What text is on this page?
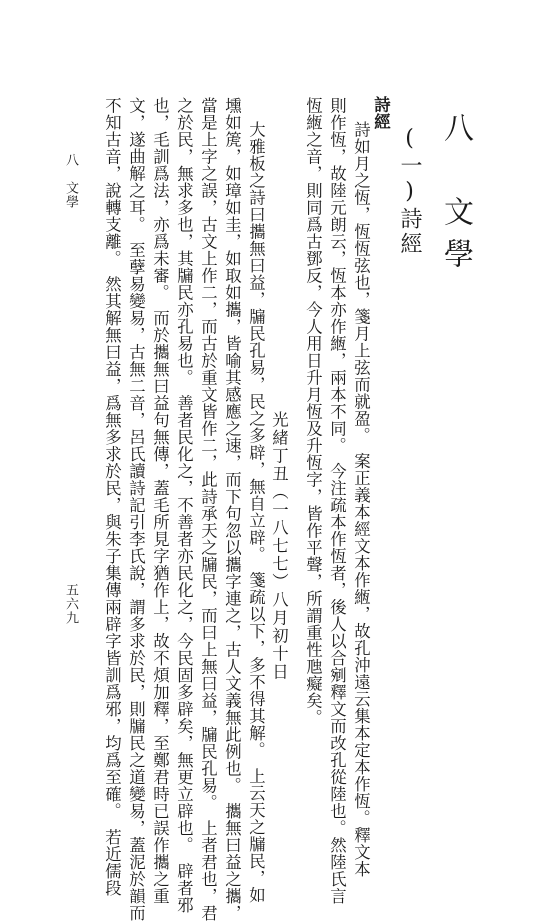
八　文學
(一)詩經
詩經
詩如月之恆，恆恆弦也，箋月上弦而就盈。　案正義本經文本作緪，故孔沖遠云集本定本作恆。釋文本
則作恆，故陸元朗云，恆本亦作緪，兩本不同。　今注疏本作恆者，後人以合剜釋文而改孔從陸也。然陸氏言
恆緪之音，則同爲古鄧反，今人用日升月恆及升恆字，皆作平聲，所謂重性虺癡矣。
光緒丁丑（一八七七）八月初十日
大雅板之詩曰攜無曰益，牖民孔易，民之多辟，無自立辟。　箋疏以下，多不得其解。　上云天之牖民，如
壎如箎，如璋如圭，如取如攜，皆喻其感應之速，而下句忽以攜字連之，古人文義無此例也。　攜無曰益之攜，
當是上字之誤，古文上作二，而古於重文皆作二，此詩承天之牖民，而曰上無曰益，牖民孔易。　上者君也，君
之於民，無求多也，其牖民亦孔易也。　善者民化之，不善者亦民化之，今民固多辟矣，無更立辟也。　辟者邪
也，毛訓爲法，亦爲未審。　而於攜無曰益句無傳，蓋毛所見字猶作上，故不煩加釋，至鄭君時已誤作攜之重
文，遂曲解之耳。　至孽易變易，古無二音，呂氏讀詩記引李氏說，謂多求於民，則牖民之道變易，蓋泥於韻而
不知古音，說轉支離。　然其解無曰益，爲無多求於民，與朱子集傳兩辟字皆訓爲邪，均爲至確。　若近儒段
八　文學
五六九
